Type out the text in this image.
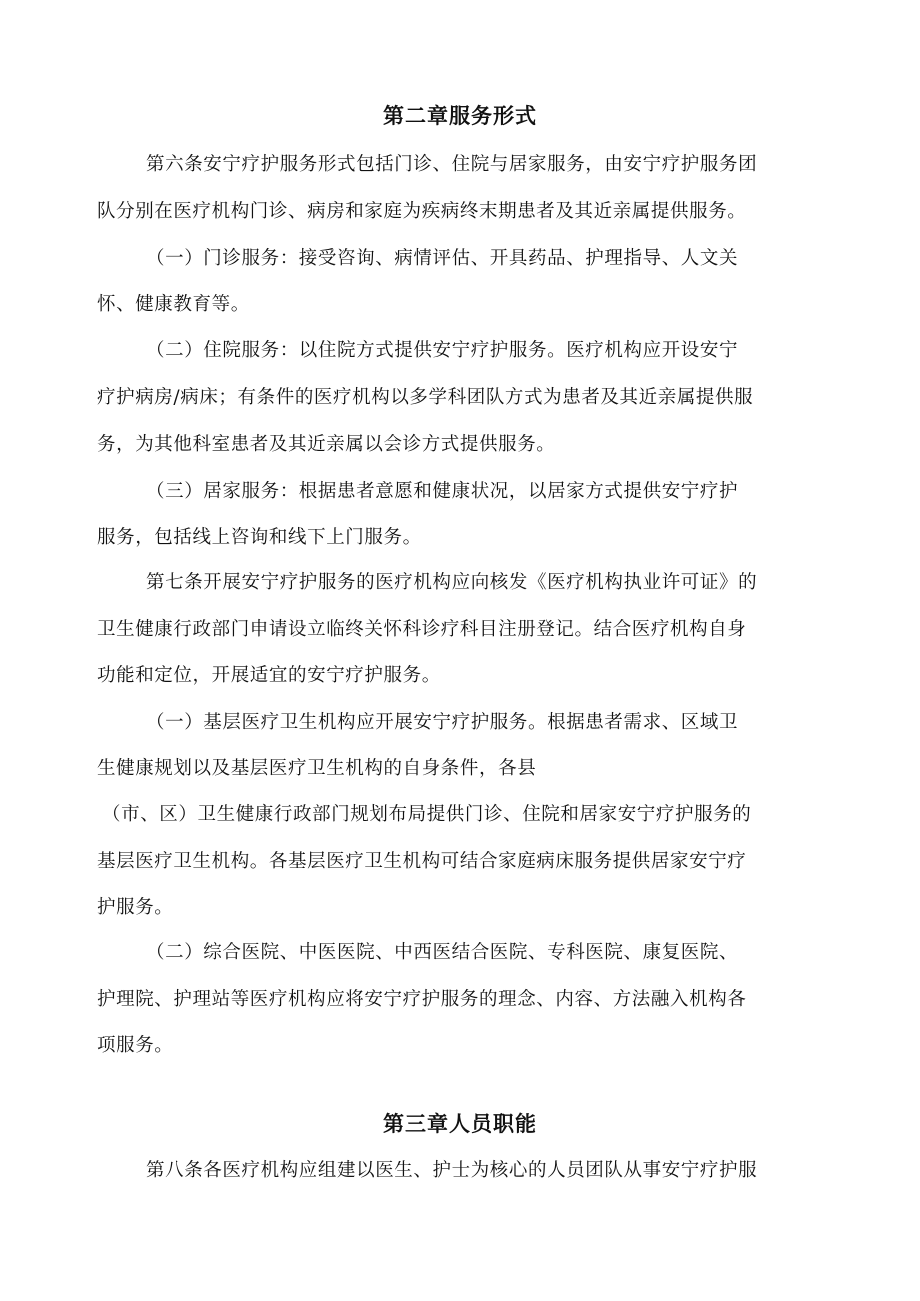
第二章服务形式

第六条安宁疗护服务形式包括门诊、住院与居家服务，由安宁疗护服务团

队分别在医疗机构门诊、病房和家庭为疾病终末期患者及其近亲属提供服务。

（一）门诊服务：接受咨询、病情评估、开具药品、护理指导、人文关

怀、健康教育等。

（二）住院服务：以住院方式提供安宁疗护服务。医疗机构应开设安宁

疗护病房/病床；有条件的医疗机构以多学科团队方式为患者及其近亲属提供服

务，为其他科室患者及其近亲属以会诊方式提供服务。

（三）居家服务：根据患者意愿和健康状况，以居家方式提供安宁疗护

服务，包括线上咨询和线下上门服务。

第七条开展安宁疗护服务的医疗机构应向核发《医疗机构执业许可证》的

卫生健康行政部门申请设立临终关怀科诊疗科目注册登记。结合医疗机构自身

功能和定位，开展适宜的安宁疗护服务。

（一）基层医疗卫生机构应开展安宁疗护服务。根据患者需求、区域卫

生健康规划以及基层医疗卫生机构的自身条件，各县

（市、区）卫生健康行政部门规划布局提供门诊、住院和居家安宁疗护服务的

基层医疗卫生机构。各基层医疗卫生机构可结合家庭病床服务提供居家安宁疗

护服务。

（二）综合医院、中医医院、中西医结合医院、专科医院、康复医院、

护理院、护理站等医疗机构应将安宁疗护服务的理念、内容、方法融入机构各

项服务。

第三章人员职能

第八条各医疗机构应组建以医生、护士为核心的人员团队从事安宁疗护服
